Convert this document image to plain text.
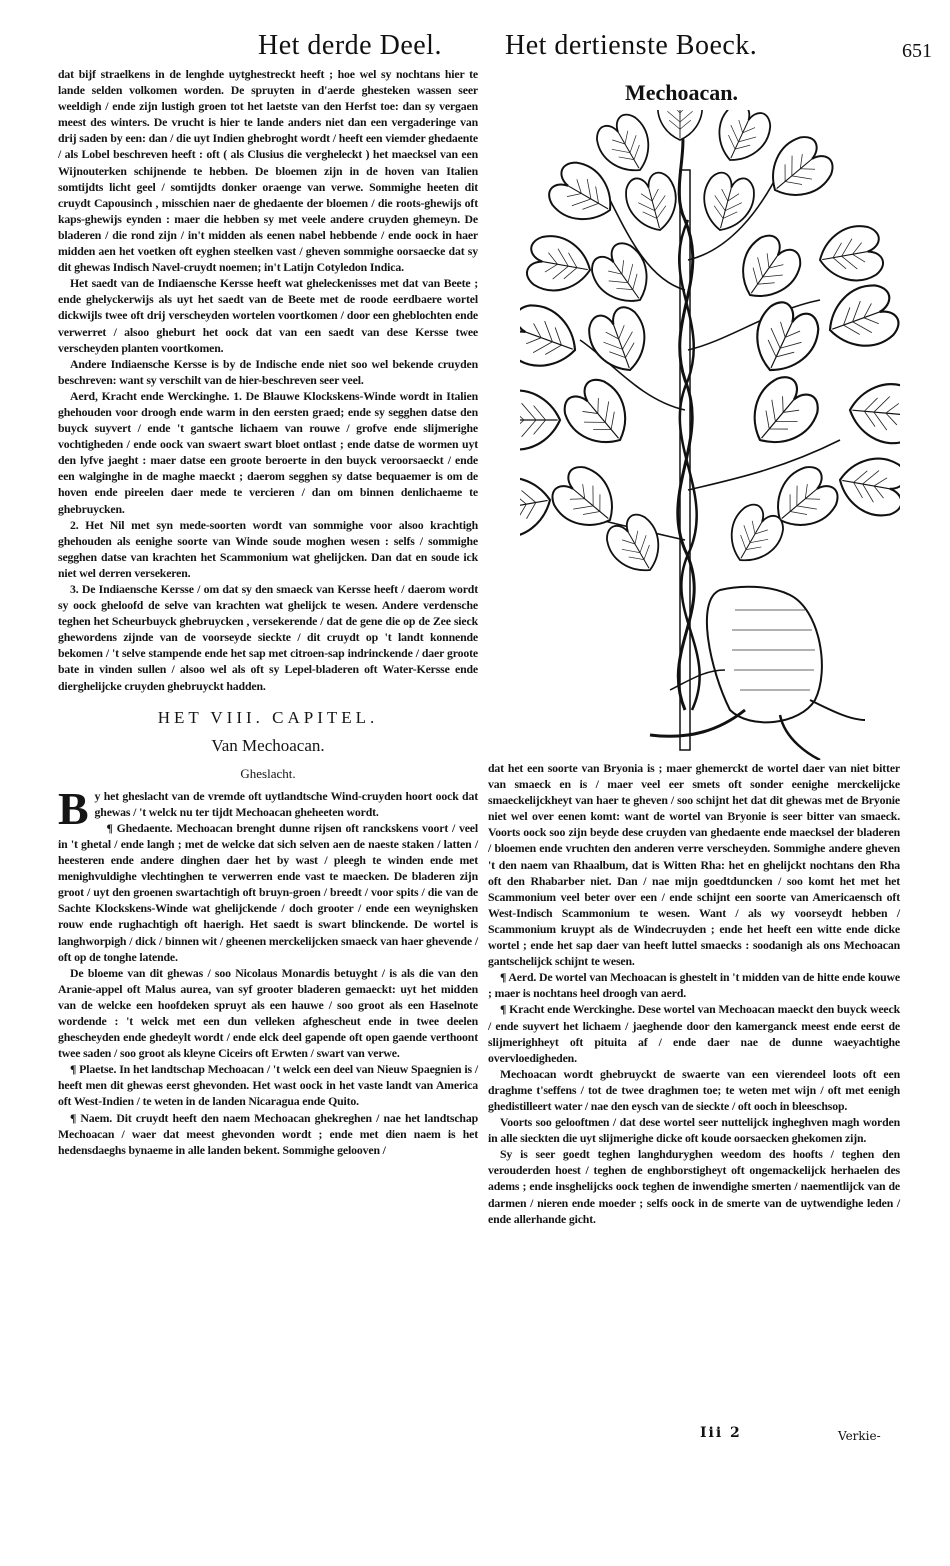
Het derde Deel. Het dertienste Boeck.	651

dat bijf straelkens in de lenghde uytghestreckt heeft ; hoe wel sy nochtans hier te lande selden volkomen worden. De spruyten in d'aerde ghesteken wassen seer weeldigh / ende zijn lustigh groen tot het laetste van den Herfst toe: dan sy vergaen meest des winters. De vrucht is hier te lande anders niet dan een vergaderinge van drij saden by een: dan / die uyt Indien ghebroght wordt / heeft een viemder ghedaente / als Lobel beschreven heeft : oft ( als Clusius die vergheleckt ) het maecksel van een Wijnouterken schijnende te hebben. De bloemen zijn in de hoven van Italien somtijdts licht geel / somtijdts donker oraenge van verwe. Sommighe heeten dit cruydt Capousinch , misschien naer de ghedaente der bloemen / die roots-ghewijs oft kaps-ghewijs eynden : maer die hebben sy met veele andere cruyden ghemeyn. De bladeren / die rond zijn / in't midden als eenen nabel hebbende / ende oock in haer midden aen het voetken oft eyghen steelken vast / gheven sommighe oorsaecke dat sy dit ghewas Indisch Navel-cruydt noemen; in't Latijn Cotyledon Indica.

Het saedt van de Indiaensche Kersse heeft wat gheleckenisses met dat van Beete ; ende ghelyckerwijs als uyt het saedt van de Beete met de roode eerdbaere wortel dickwijls twee oft drij verscheyden wortelen voortkomen / door een gheblochten ende verwerret / alsoo gheburt het oock dat van een saedt van dese Kersse twee verscheyden planten voortkomen.

Andere Indiaensche Kersse is by de Indische ende niet soo wel bekende cruyden beschreven: want sy verschilt van de hier-beschreven seer veel.

Aerd, Kracht ende Werckinghe. 1. De Blauwe Klockskens-Winde wordt in Italien ghehouden voor droogh ende warm in den eersten graed; ende sy segghen datse den buyck suyvert / ende 't gantsche lichaem van rouwe / grofve ende slijmerighe vochtigheden / ende oock van swaert swart bloet ontlast ; ende datse de wormen uyt den lyfve jaeght : maer datse een groote beroerte in den buyck veroorsaeckt / ende een walginghe in de maghe maeckt ; daerom segghen sy datse bequaemer is om de hoven ende pireelen daer mede te vercieren / dan om binnen denlichaeme te ghebruycken.

2. Het Nil met syn mede-soorten wordt van sommighe voor alsoo krachtigh ghehouden als eenighe soorte van Winde soude moghen wesen : selfs / sommighe segghen datse van krachten het Scammonium wat ghelijcken. Dan dat en soude ick niet wel derren versekeren.

3. De Indiaensche Kersse / om dat sy den smaeck van Kersse heeft / daerom wordt sy oock gheloofd de selve van krachten wat ghelijck te wesen. Andere verdensche teghen het Scheurbuyck ghebruycken , versekerende / dat de gene die op de Zee sieck ghewordens zijnde van de voorseyde sieckte / dit cruydt op 't landt konnende bekomen / 't selve stampende ende het sap met citroen-sap indrinckende / daer groote bate in vinden sullen / alsoo wel als oft sy Lepel-bladeren oft Water-Kersse ende dierghelijcke cruyden ghebruyckt hadden.

HET VIII. CAPITEL.
Van Mechoacan.
Gheslacht.

By het gheslacht van de vremde oft uytlandtsche Wind-cruyden hoort oock dat ghewas / 't welck nu ter tijdt Mechoacan gheheeten wordt.

¶ Ghedaente. Mechoacan brenght dunne rijsen oft ranckskens voort / veel in 't ghetal / ende langh ; met de welcke dat sich selven aen de naeste staken / latten / heesteren ende andere dinghen daer het by wast / pleegh te winden ende met menighvuldighe vlechtinghen te verwerren ende vast te maecken. De bladeren zijn groot / uyt den groenen swartachtigh oft bruyn-groen / breedt / voor spits / die van de Sachte Klockskens-Winde wat ghelijckende / doch grooter / ende een weynighsken rouw ende rughachtigh oft haerigh. Het saedt is swart blinckende. De wortel is langhworpigh / dick / binnen wit / gheenen merckelijcken smaeck van haer ghevende / oft op de tonghe latende.

De bloeme van dit ghewas / soo Nicolaus Monardis betuyght / is als die van den Aranie-appel oft Malus aurea, van syf grooter bladeren gemaeckt: uyt het midden van de welcke een hoofdeken spruyt als een hauwe / soo groot als een Haselnote wordende : 't welck met een dun velleken afghescheut ende in twee deelen ghescheyden ende ghedeylt wordt / ende elck deel gapende oft open gaende verthoont twee saden / soo groot als kleyne Ciceirs oft Erwten / swart van verwe.

¶ Plaetse. In het landtschap Mechoacan / 't welck een deel van Nieuw Spaegnien is / heeft men dit ghewas eerst ghevonden. Het wast oock in het vaste landt van America oft West-Indien / te weten in de landen Nicaragua ende Quito.

¶ Naem. Dit cruydt heeft den naem Mechoacan ghekreghen / nae het landtschap Mechoacan / waer dat meest ghevonden wordt ; ende met dien naem is het hedensdaeghs bynaeme in alle landen bekent. Sommighe gelooven /

Mechoacan.

dat het een soorte van Bryonia is ; maer ghemerckt de wortel daer van niet bitter van smaeck en is / maer veel eer smets oft sonder eenighe merckelijcke smaeckelijckheyt van haer te gheven / soo schijnt het dat dit ghewas met de Bryonie niet wel over eenen komt: want de wortel van Bryonie is seer bitter van smaeck. Voorts oock soo zijn beyde dese cruyden van ghedaente ende maecksel der bladeren / bloemen ende vruchten den anderen verre verscheyden. Sommighe andere gheven 't den naem van Rhaalbum, dat is Witten Rha: het en ghelijckt nochtans den Rha oft den Rhabarber niet. Dan / nae mijn goedtduncken / soo komt het met het Scammonium veel beter over een / ende schijnt een soorte van Americaensch oft West-Indisch Scammonium te wesen. Want / als wy voorseydt hebben / Scammonium kruypt als de Windecruyden ; ende het heeft een witte ende dicke wortel ; ende het sap daer van heeft luttel smaecks : soodanigh als ons Mechoacan gantschelijck schijnt te wesen.

¶ Aerd. De wortel van Mechoacan is ghestelt in 't midden van de hitte ende kouwe ; maer is nochtans heel droogh van aerd.

¶ Kracht ende Werckinghe. Dese wortel van Mechoacan maeckt den buyck weeck / ende suyvert het lichaem / jaeghende door den kamerganck meest ende eerst de slijmerighheyt oft pituita af / ende daer nae de dunne waeyachtighe overvloedigheden.

Mechoacan wordt ghebruyckt de swaerte van een vierendeel loots oft een draghme t'seffens / tot de twee draghmen toe; te weten met wijn / oft met eenigh ghedistilleert water / nae den eysch van de sieckte / oft ooch in bleeschsop.

Voorts soo gelooftmen / dat dese wortel seer nuttelijck ingheghven magh worden in alle sieckten die uyt slijmerighe dicke oft koude oorsaecken ghekomen zijn.

Sy is seer goedt teghen langhduryghen weedom des hoofts / teghen den verouderden hoest / teghen de enghborstigheyt oft ongemackelijck herhaelen des adems ; ende insghelijcks oock teghen de inwendighe smerten / naementlijck van de darmen / nieren ende moeder ; selfs oock in de smerte van de uytwendighe leden / ende allerhande gicht.

Iii 2	Verkie-
